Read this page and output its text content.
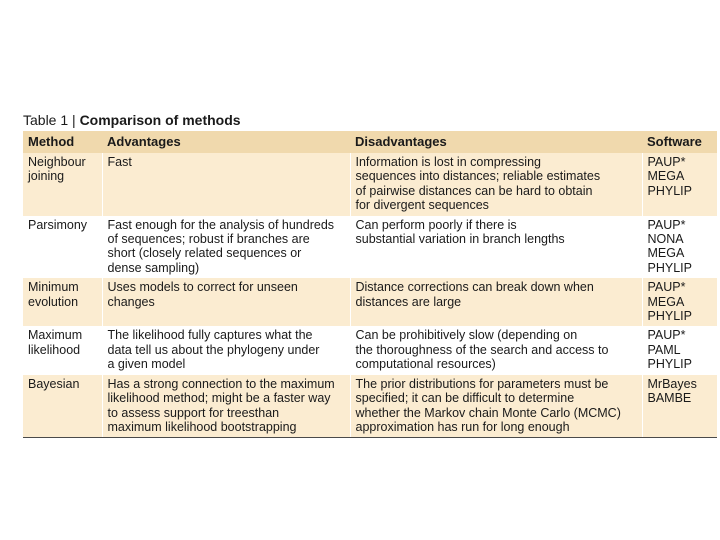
Table 1 | Comparison of methods
Method	Advantages	Disadvantages	Software

Neighbour
joining	Fast	Information is lost in compressing
sequences into distances; reliable estimates
of pairwise distances can be hard to obtain
for divergent sequences	PAUP*
MEGA
PHYLIP

Parsimony	Fast enough for the analysis of hundreds
of sequences; robust if branches are
short (closely related sequences or
dense sampling)	Can perform poorly if there is
substantial variation in branch lengths	PAUP*
NONA
MEGA
PHYLIP

Minimum
evolution	Uses models to correct for unseen
changes	Distance corrections can break down when
distances are large	PAUP*
MEGA
PHYLIP

Maximum
likelihood	The likelihood fully captures what the
data tell us about the phylogeny under
a given model	Can be prohibitively slow (depending on
the thoroughness of the search and access to
computational resources)	PAUP*
PAML
PHYLIP

Bayesian	Has a strong connection to the maximum
likelihood method; might be a faster way
to assess support for treesthan
maximum likelihood bootstrapping	The prior distributions for parameters must be
specified; it can be difficult to determine
whether the Markov chain Monte Carlo (MCMC)
approximation has run for long enough	MrBayes
BAMBE
